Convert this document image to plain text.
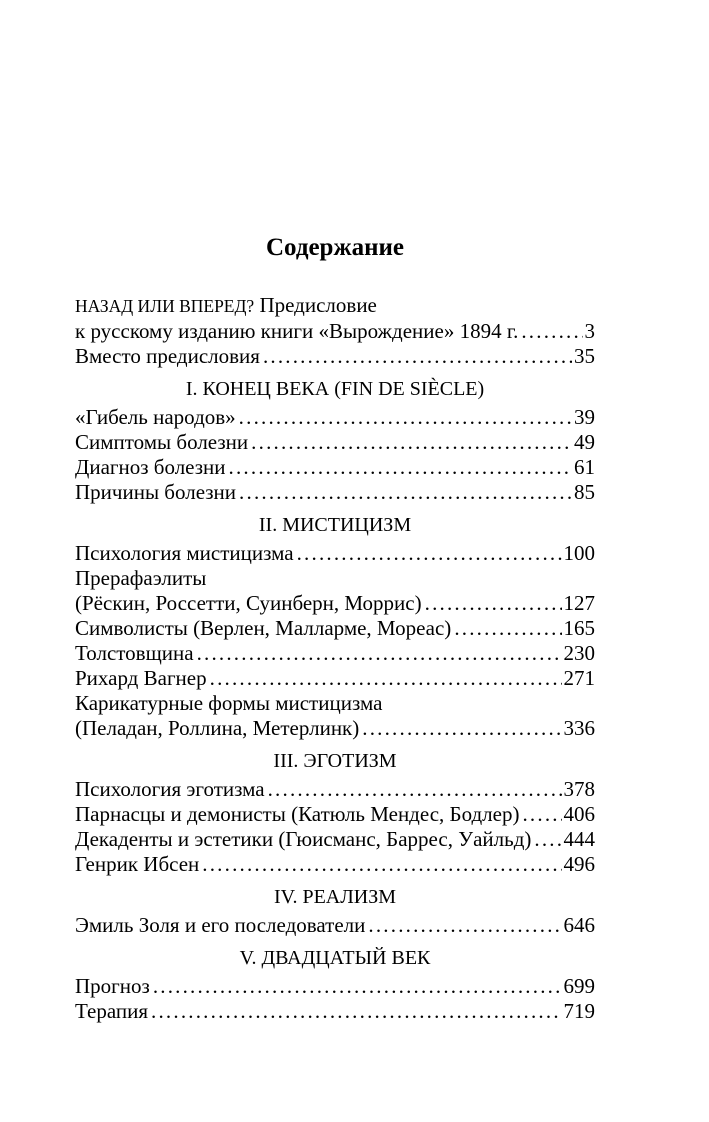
Содержание
НАЗАД ИЛИ ВПЕРЕД? Предисловие
к русскому изданию книги «Вырождение» 1894 г. .....	3
Вместо предисловия .....	35
I. КОНЕЦ ВЕКА (FIN DE SIÈCLE)
«Гибель народов» .....	39
Симптомы болезни .....	49
Диагноз болезни .....	61
Причины болезни .....	85
II. МИСТИЦИЗМ
Психология мистицизма .....	100
Прерафаэлиты
(Рёскин, Россетти, Суинберн, Моррис) .....	127
Символисты (Верлен, Малларме, Мореас) .....	165
Толстовщина .....	230
Рихард Вагнер .....	271
Карикатурные формы мистицизма
(Пеладан, Роллина, Метерлинк) .....	336
III. ЭГОТИЗМ
Психология эготизма .....	378
Парнасцы и демонисты (Катюль Мендес, Бодлер) ..... 406
Декаденты и эстетики (Гюисманс, Баррес, Уайльд) ..... 444
Генрик Ибсен .....	496
IV. РЕАЛИЗМ
Эмиль Золя и его последователи .....	646
V. ДВАДЦАТЫЙ ВЕК
Прогноз .....	699
Терапия .....	719
